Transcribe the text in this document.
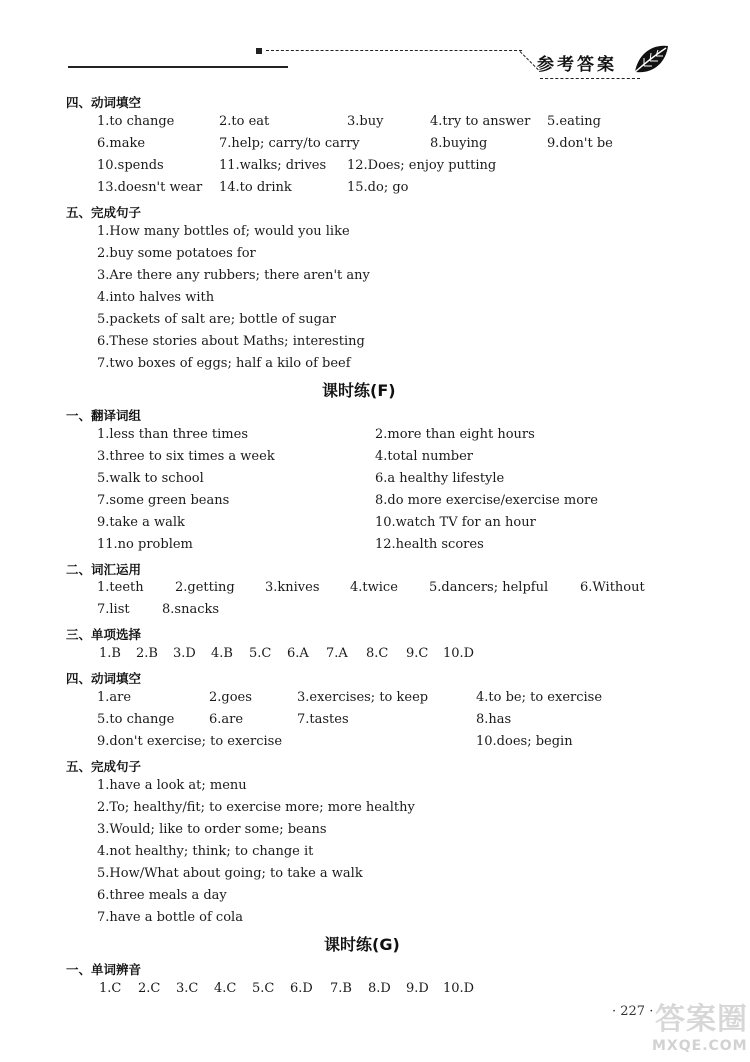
参考答案
四、动词填空
1.to change	2.to eat	3.buy	4.try to answer 5.eating
6.make	7.help; carry/to carry	8.buying	9.don't be
10.spends	11.walks; drives 12.Does; enjoy putting
13.doesn't wear 14.to drink	15.do; go
五、完成句子
1.How many bottles of; would you like
2.buy some potatoes for
3.Are there any rubbers; there aren't any
4.into halves with
5.packets of salt are; bottle of sugar
6.These stories about Maths; interesting
7.two boxes of eggs; half a kilo of beef
课时练(F)
一、翻译词组
1.less than three times	2.more than eight hours
3.three to six times a week	4.total number
5.walk to school	6.a healthy lifestyle
7.some green beans	8.do more exercise/exercise more
9.take a walk	10.watch TV for an hour
11.no problem	12.health scores
二、词汇运用
1.teeth 2.getting 3.knives 4.twice 5.dancers; helpful 6.Without
7.list 8.snacks
三、单项选择
1.B 2.B 3.D 4.B 5.C 6.A 7.A 8.C 9.C 10.D
四、动词填空
1.are	2.goes	3.exercises; to keep	4.to be; to exercise
5.to change	6.are	7.tastes	8.has
9.don't exercise; to exercise	10.does; begin
五、完成句子
1.have a look at; menu
2.To; healthy/fit; to exercise more; more healthy
3.Would; like to order some; beans
4.not healthy; think; to change it
5.How/What about going; to take a walk
6.three meals a day
7.have a bottle of cola
课时练(G)
一、单词辨音
1.C 2.C 3.C 4.C 5.C 6.D 7.B 8.D 9.D 10.D
· 227 · 答案圈
MXQE.COM
